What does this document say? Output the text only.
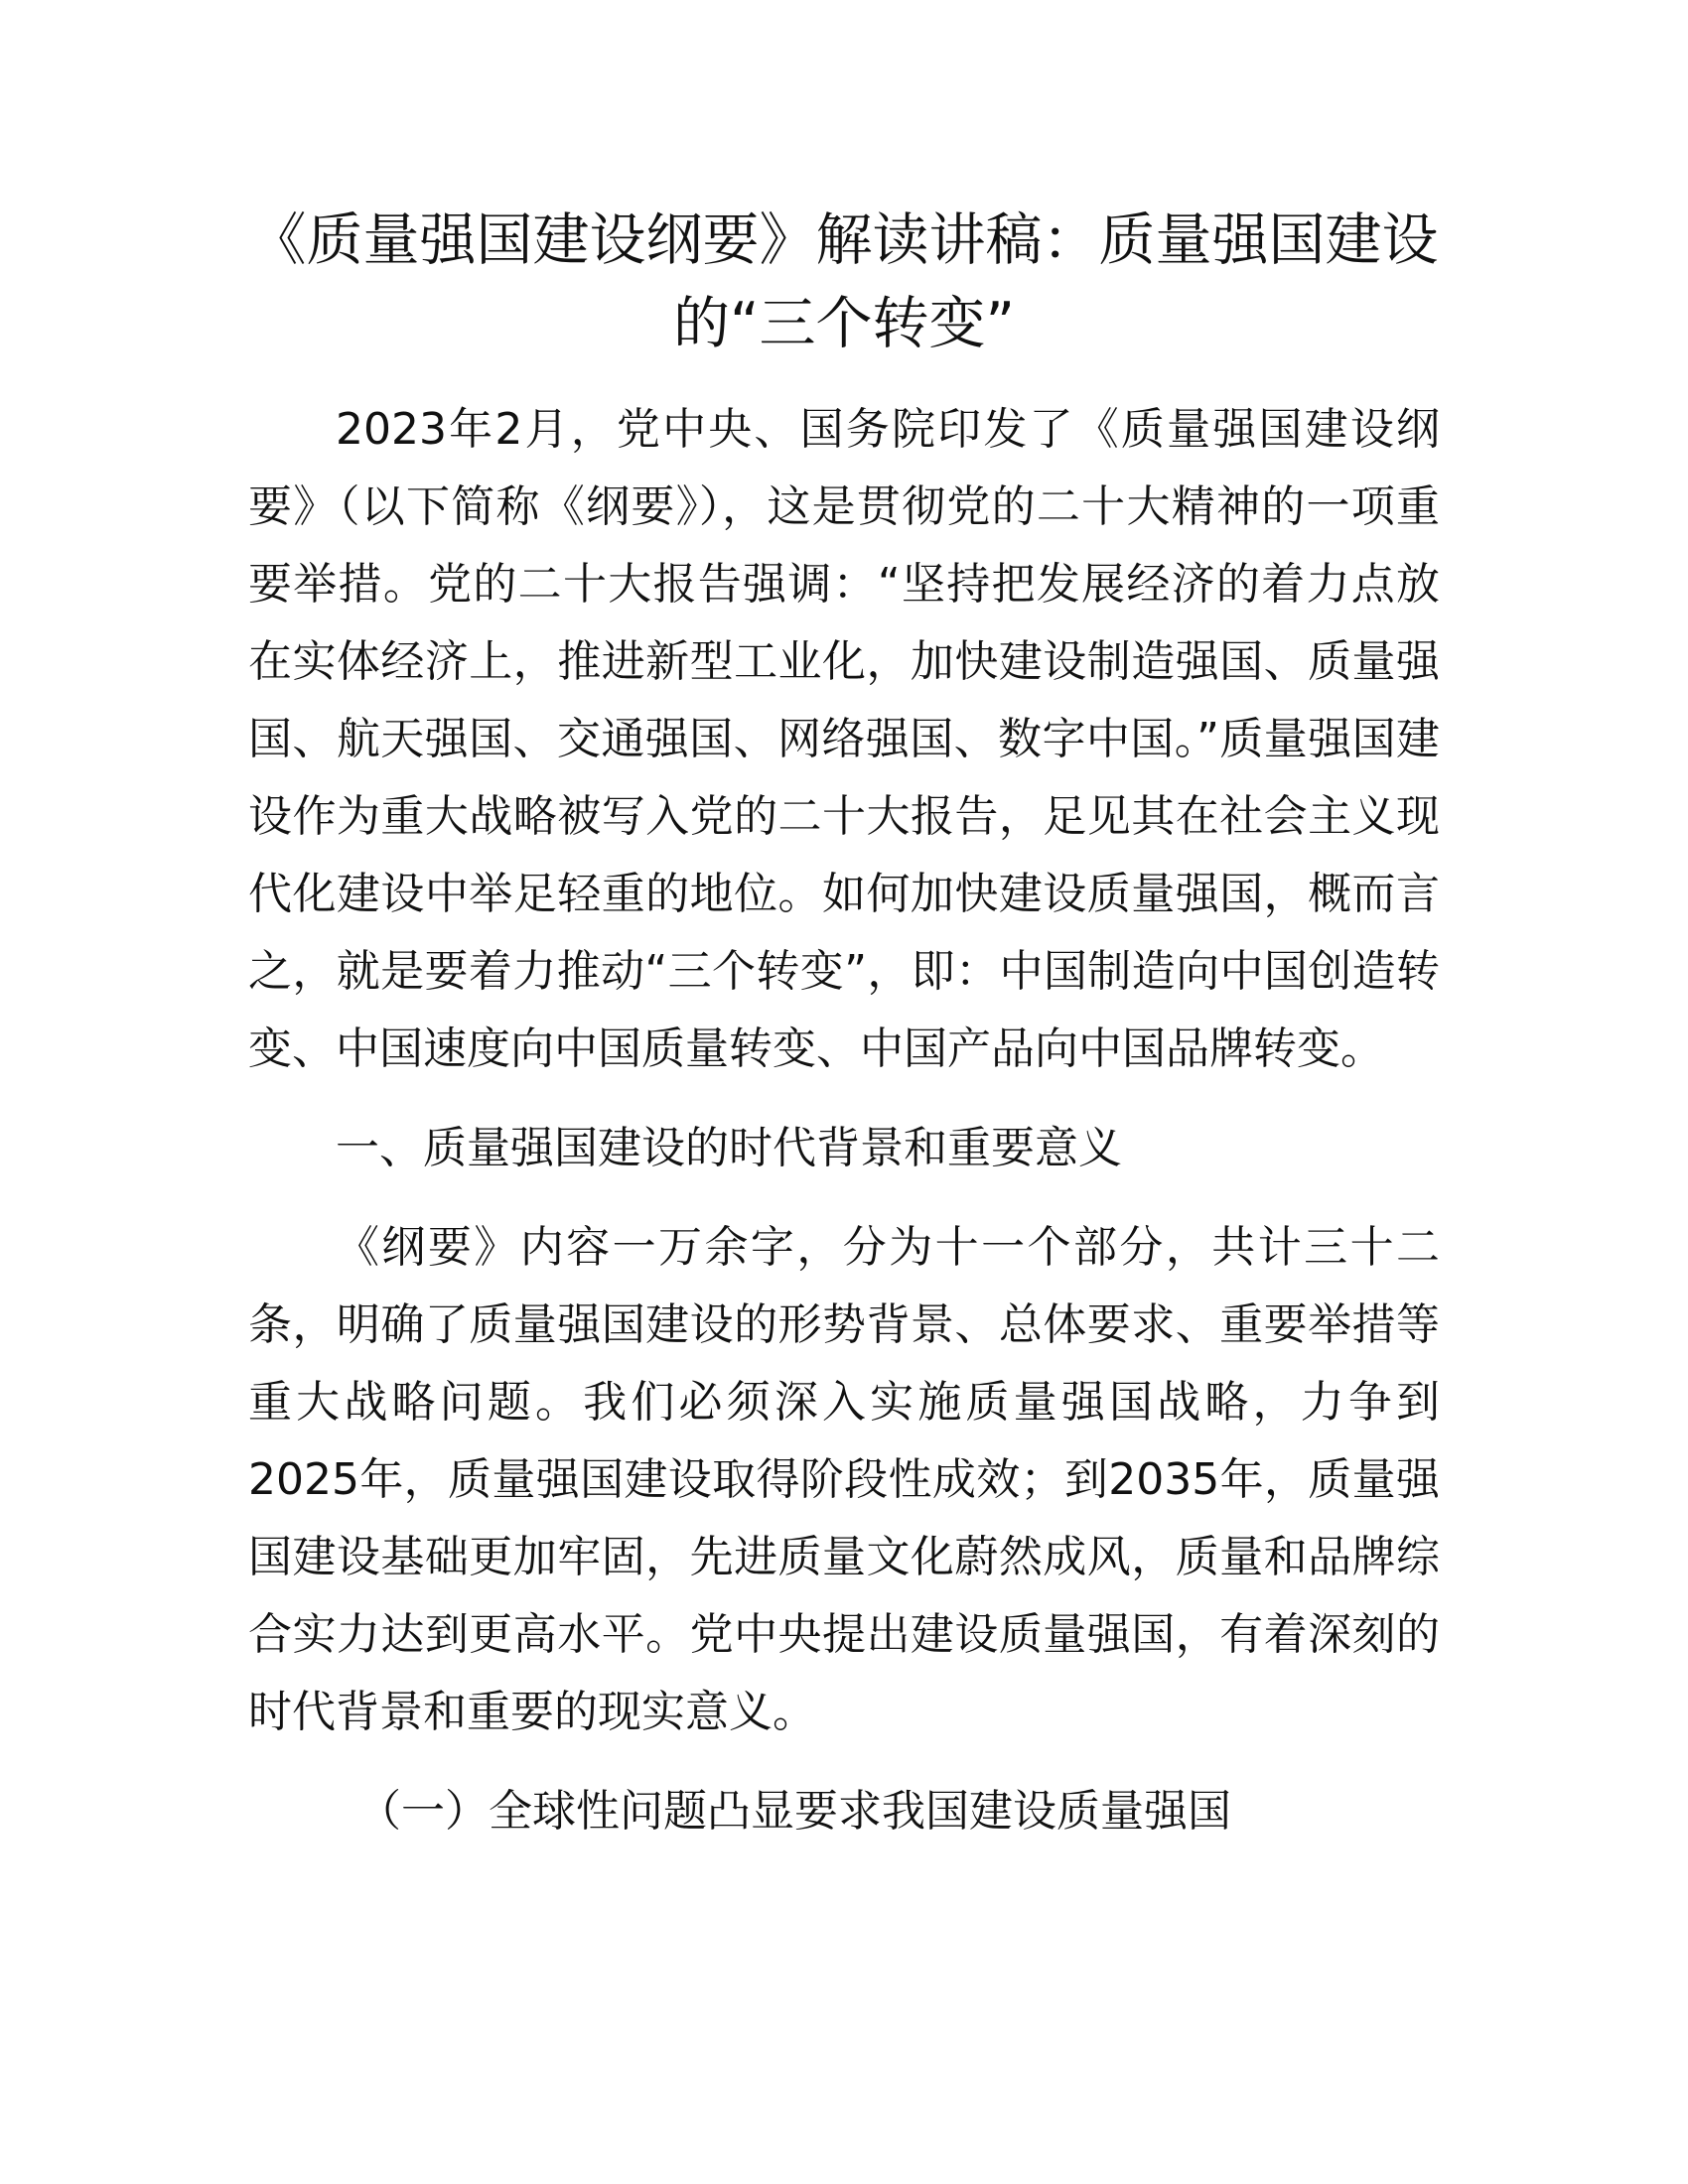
《质量强国建设纲要》解读讲稿：质量强国建设的“三个转变”

2023年2月，党中央、国务院印发了《质量强国建设纲要》（以下简称《纲要》），这是贯彻党的二十大精神的一项重要举措。党的二十大报告强调：“坚持把发展经济的着力点放在实体经济上，推进新型工业化，加快建设制造强国、质量强国、航天强国、交通强国、网络强国、数字中国。”质量强国建设作为重大战略被写入党的二十大报告，足见其在社会主义现代化建设中举足轻重的地位。如何加快建设质量强国，概而言之，就是要着力推动“三个转变”，即：中国制造向中国创造转变、中国速度向中国质量转变、中国产品向中国品牌转变。

一、质量强国建设的时代背景和重要意义

《纲要》内容一万余字，分为十一个部分，共计三十二条，明确了质量强国建设的形势背景、总体要求、重要举措等重大战略问题。我们必须深入实施质量强国战略，力争到2025年，质量强国建设取得阶段性成效；到2035年，质量强国建设基础更加牢固，先进质量文化蔚然成风，质量和品牌综合实力达到更高水平。党中央提出建设质量强国，有着深刻的时代背景和重要的现实意义。

（一）全球性问题凸显要求我国建设质量强国
